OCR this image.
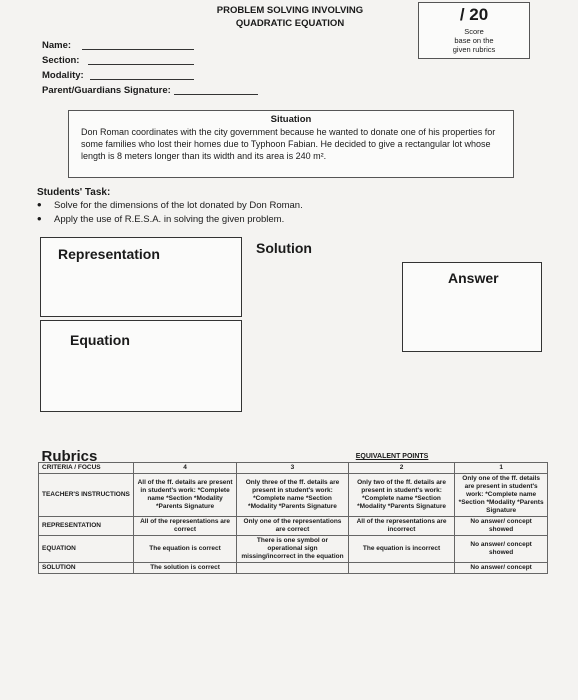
PROBLEM SOLVING INVOLVING
QUADRATIC EQUATION	/ 20
Score
base on the
given rubrics
Name:
Section:
Modality:
Parent/Guardians Signature:
Situation
Don Roman coordinates with the city government because he wanted to donate one of his properties for some families who lost their homes due to Typhoon Fabian. He decided to give a rectangular lot whose length is 8 meters longer than its width and its area is 240 m².
Students' Task:
• Solve for the dimensions of the lot donated by Don Roman.
• Apply the use of R.E.S.A. in solving the given problem.
Representation	Solution
Answer
Equation
Rubrics		EQUIVALENT POINTS		
CRITERIA / FOCUS	4	3	2	1
TEACHER'S INSTRUCTIONS	All of the ff. details are present in student's work: *Complete name *Section *Modality *Parents Signature	Only three of the ff. details are present in student's work: *Complete name *Section *Modality *Parents Signature	Only two of the ff. details are present in student's work: *Complete name *Section *Modality *Parents Signature	Only one of the ff. details are present in student's work: *Complete name *Section *Modality *Parents Signature
REPRESENTATION	All of the representations are correct	Only one of the representations are correct	All of the representations are incorrect	No answer/ concept showed
EQUATION	The equation is correct	There is one symbol or operational sign missing/incorrect in the equation	The equation is incorrect	No answer/ concept showed
SOLUTION	The solution is correct			No answer/ concept
